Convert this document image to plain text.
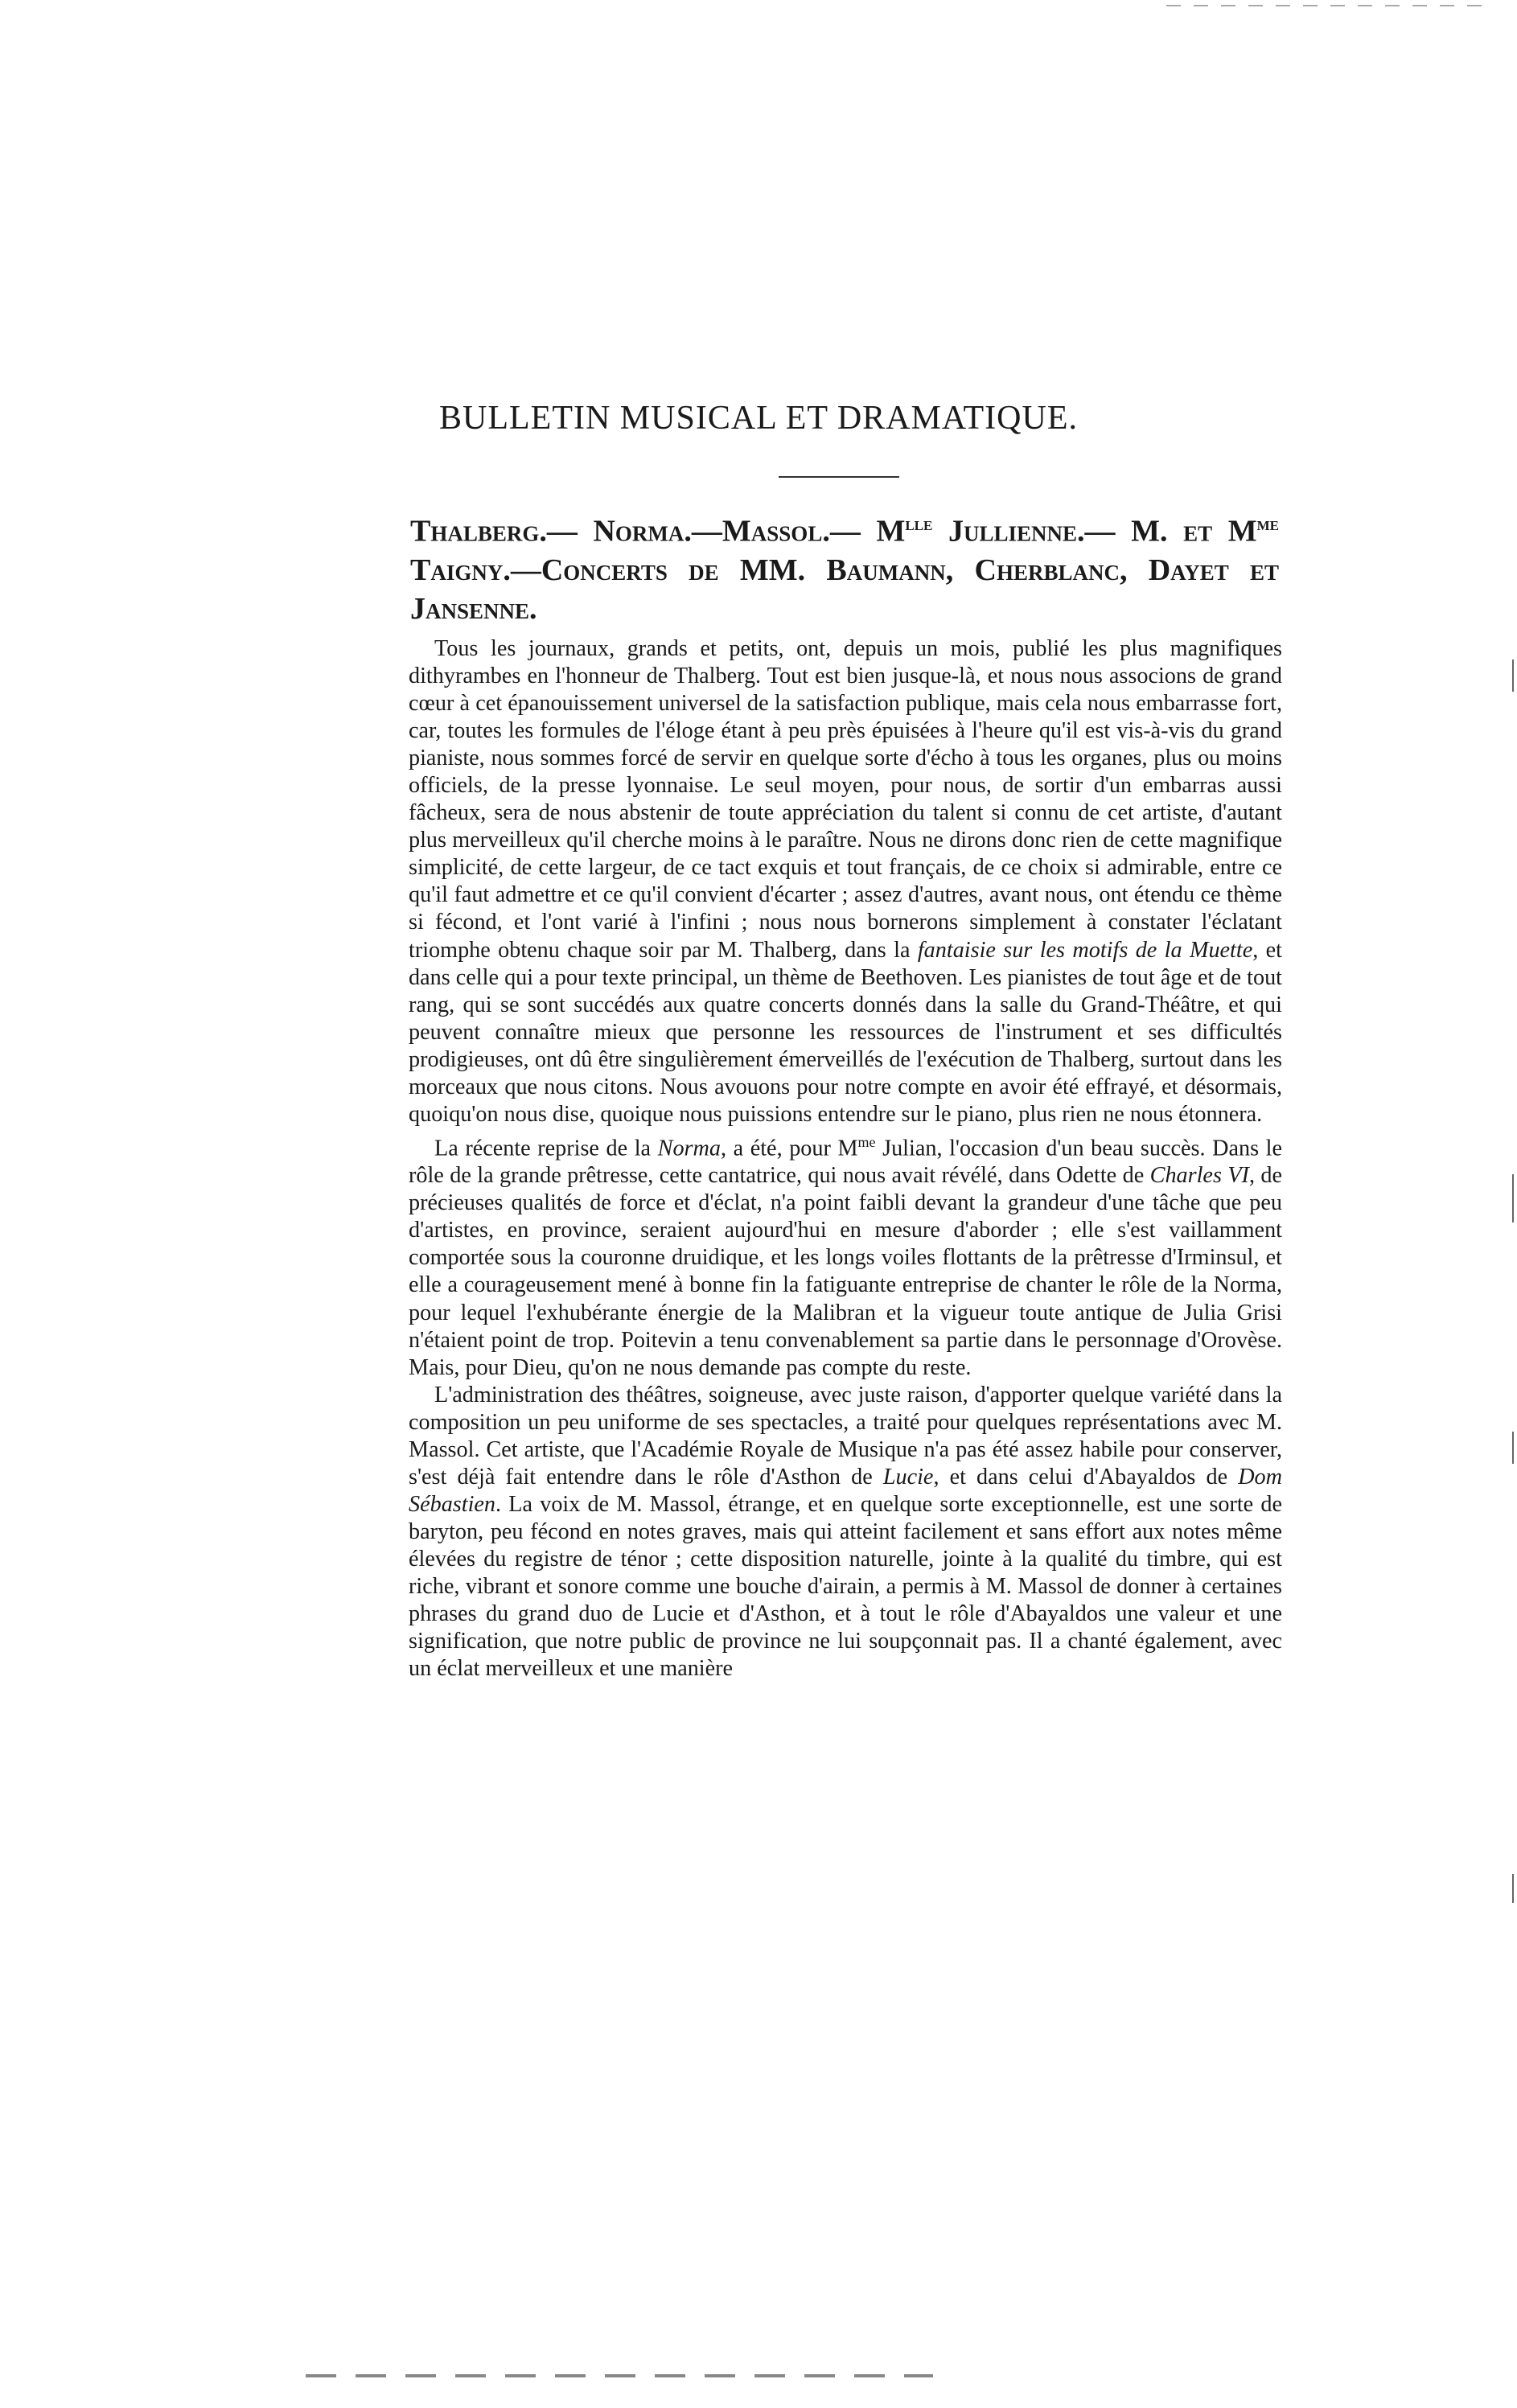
BULLETIN MUSICAL ET DRAMATIQUE.
Thalberg.— Norma.—Massol.— $M^{lle}$ Jullienne.— M. et $M^{me}$ Taigny.—Concerts de MM. Baumann, Cherblanc, Dayet et Jansenne.

Tous les journaux, grands et petits, ont, depuis un mois, publié les plus magnifiques dithyrambes en l'honneur de Thalberg. Tout est bien jusque-là, et nous nous associons de grand cœur à cet épanouissement universel de la satisfaction publique, mais cela nous embarrasse fort, car, toutes les formules de l'éloge étant à peu près épuisées à l'heure qu'il est vis-à-vis du grand pianiste, nous sommes forcé de servir en quelque sorte d'écho à tous les organes, plus ou moins officiels, de la presse lyonnaise. Le seul moyen, pour nous, de sortir d'un embarras aussi fâcheux, sera de nous abstenir de toute appréciation du talent si connu de cet artiste, d'autant plus merveilleux qu'il cherche moins à le paraître. Nous ne dirons donc rien de cette magnifique simplicité, de cette largeur, de ce tact exquis et tout français, de ce choix si admirable, entre ce qu'il faut admettre et ce qu'il convient d'écarter ; assez d'autres, avant nous, ont étendu ce thème si fécond, et l'ont varié à l'infini ; nous nous bornerons simplement à constater l'éclatant triomphe obtenu chaque soir par M. Thalberg, dans la fantaisie sur les motifs de la Muette, et dans celle qui a pour texte principal, un thème de Beethoven. Les pianistes de tout âge et de tout rang, qui se sont succédés aux quatre concerts donnés dans la salle du Grand-Théâtre, et qui peuvent connaître mieux que personne les ressources de l'instrument et ses difficultés prodigieuses, ont dû être singulièrement émerveillés de l'exécution de Thalberg, surtout dans les morceaux que nous citons. Nous avouons pour notre compte en avoir été effrayé, et désormais, quoiqu'on nous dise, quoique nous puissions entendre sur le piano, plus rien ne nous étonnera.

La récente reprise de la Norma, a été, pour $M^{me}$ Julian, l'occasion d'un beau succès. Dans le rôle de la grande prêtresse, cette cantatrice, qui nous avait révélé, dans Odette de Charles VI, de précieuses qualités de force et d'éclat, n'a point faibli devant la grandeur d'une tâche que peu d'artistes, en province, seraient aujourd'hui en mesure d'aborder ; elle s'est vaillamment comportée sous la couronne druidique, et les longs voiles flottants de la prêtresse d'Irminsul, et elle a courageusement mené à bonne fin la fatiguante entreprise de chanter le rôle de la Norma, pour lequel l'exhubérante énergie de la Malibran et la vigueur toute antique de Julia Grisi n'étaient point de trop. Poitevin a tenu convenablement sa partie dans le personnage d'Orovèse. Mais, pour Dieu, qu'on ne nous demande pas compte du reste.

L'administration des théâtres, soigneuse, avec juste raison, d'apporter quelque variété dans la composition un peu uniforme de ses spectacles, a traité pour quelques représentations avec M. Massol. Cet artiste, que l'Académie Royale de Musique n'a pas été assez habile pour conserver, s'est déjà fait entendre dans le rôle d'Asthon de Lucie, et dans celui d'Abayaldos de Dom Sébastien. La voix de M. Massol, étrange, et en quelque sorte exceptionnelle, est une sorte de baryton, peu fécond en notes graves, mais qui atteint facilement et sans effort aux notes même élevées du registre de ténor ; cette disposition naturelle, jointe à la qualité du timbre, qui est riche, vibrant et sonore comme une bouche d'airain, a permis à M. Massol de donner à certaines phrases du grand duo de Lucie et d'Asthon, et à tout le rôle d'Abayaldos une valeur et une signification, que notre public de province ne lui soupçonnait pas. Il a chanté également, avec un éclat merveilleux et une manière
